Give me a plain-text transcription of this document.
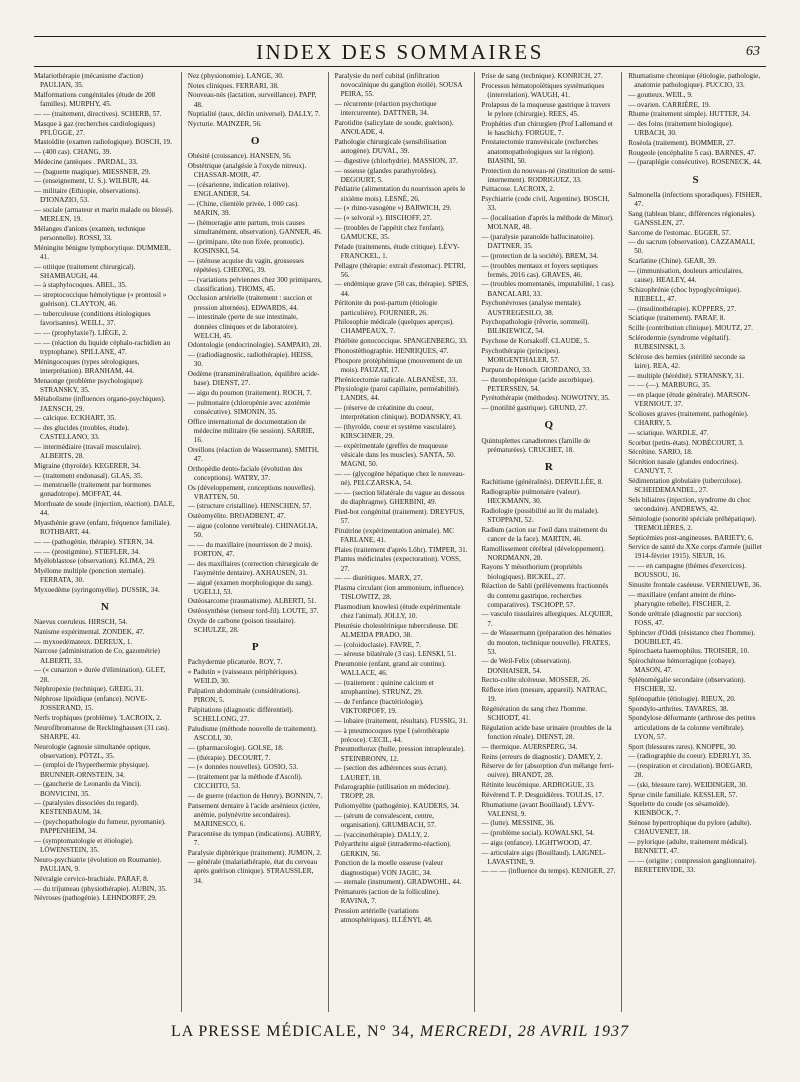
INDEX DES SOMMAIRES	63
Malariothérapie (mécanisme d'action) PAULIAN, 35.
Malformations congénitales (étude de 208 familles). MURPHY, 45.
— — (traitement, directives). SCHERB, 57.
Masque à gaz (recherches cardiologiques) PFLÜGGE, 27.
Mastoïdite (examen radiologique). BOSCH, 19.
— (400 cas). CHANG, 39.
Médecine (antèques . PARDAL, 33.
— (baguette magique). MIESSNER, 29.
— (enseignement, U. S.). WILBUR, 44.
— militaire (Ethiopie, observations). D'IONAZIO, 53.
— sociale (armateur et marin malade ou blessé). MERLEN, 19.
Mélanges d'anions (examen, technique personnelle). ROSSI, 33.
Méningite bénigne lymphocytique. DUMMER, 41.
— otitique (traitement chirurgical). SHAMBAUGH, 44.
— à staphylocoques. ABEL, 35.
— streptococcique hémolytique (« prontosil » guérison). CLAYTON, 46.
— tuberculeuse (conditions étiologiques favorisantes). WEILL, 37.
— — (prophylaxie?). LIÈGE, 2.
— — (réaction du liquide céphalo-rachidien au tryptophane). SPILLANE, 47.
Méningocoques (types sérologiques, interprétation). BRANHAM, 44.
Menaonge (problème psychologique). STRANSKY, 35.
Métabolisme (influences organo-psychiques). JAENSCH, 29.
— calcique. ECKHART, 35.
— des glucides (troubles, étude). CASTELLANO, 33.
— intermédiaire (travail musculaire). ALBERTS, 28.
Migraine (thyroïde). KEGERER, 34.
— (traitement endonasal). GLAS, 35.
— menstruelle (traitement par hormones gonadotrope). MOFFAT, 44.
Morrhuate de soude (injection, réaction). DALE, 44.
Myasthénie grave (enfant, fréquence familiale). ROTHBART, 44.
— — (pathogénie, thérapie). STERN, 34.
— — (prostigmine). STIEFLER, 34.
Myéloblastose (observation). KLIMA, 29.
Myélome multiple (ponction sternale). FERRATA, 30.
Myxoedème (syringomyélie). DUSSIK, 34.
N
Naevus coeruleus. HIRSCH, 54.
Nanisme expérimental. ZONDEK, 47.
— myxoedémateux. DEREUX, 1.
Narcose (administration de Co, gazométrie) ALBERTI, 33.
— (« cunarzon » durée d'élimination). GLET, 28.
Néphropexie (technique). GREIG, 31.
Néphrose lipoïdique (enfance). NOVE-JOSSERAND, 15.
Nerfs trophiques (problème). 'LACROIX, 2.
Neurofibromatose de Recklinghausen (31 cas). SHARPE, 43.
Neurologie (agnosie simultanée optique, observation). PÖTZL, 35.
— (emploi de l'hyperthermie physique). BRUNNER-ORNSTEIN, 34.
— (gaucherie de Leonardo da Vinci). BONVICINI, 35.
— (paralysies dissociées du regard). KESTENBAUM, 34.
— (psychopathologie du fumeur, pyromanie). PAPPENHEIM, 34.
— (symptomatologie et étiologie). LÖWENSTEIN, 35.
Neuro-psychiatrie (évolution en Roumanie). PAULIAN, 9.
Névralgie cervico-brachiale. PARAF, 8.
— du trijumeau (physiothérapie). AUBIN, 35.
Névroses (pathogénie). LEHNDORFF, 29.
Nez (physionomie). LANGE, 30.
Notes cliniques. FERRARI, 38.
Nouveau-nés (lactation, surveillance). PAPP, 48.
Nuptialité (taux, déclin universel). DALLY, 7.
Nycturie. MAINZER, 56.
O
Obésité (croissance). HANSEN, 56.
Obstétrique (analgésie à l'oxyde nitreux). CHASSAR-MOIR, 47.
— (césarienne, indication relative). ENGLANDER, 54.
— (Chine, clientèle privée, 1 000 cas). MARIN, 39.
— (hémorragie ante partum, trois causes simultanément, observation). GANNER, 46.
— (primipare, tête non fixée, pronostic). KOSINSKI, 54.
— (sténose acquise du vagin, grossesses répétées). CHEONG, 39.
— (variations pelviennes chez 300 primipares, classification). THOMS, 45.
Occlusion artérielle (traitement : succion et pression alternées). EDWARDS, 44.
— intestinale (perte de sue intestinale, données cliniques et de laboratoire). WELCH, 45.
Odontologie (endocrinologie). SAMPAIO, 28.
— (radiodiagnostic, radiothérapie). HEISS, 30.
Oedème (transminéralisation, équilibre acide-base). DIENST, 27.
— aigu du poumon (traitement). ROCH, 7.
— pulmonaire (chloropénie avec azotémie consécutive). SIMONIN, 35.
Office international de documentation de médecine militaire (6e session). SARRIE, 16.
Oreillons (réaction de Wassermann). SMITH, 47.
Orthopédie dento-faciale (évolution des conceptions). WATRY, 37.
Os (développement, conceptions nouvelles). VRATTEN, 50.
— (structure cristalline). HENSCHEN, 57.
Ostéomyélite. BROADBENT, 47.
— aigue (colonne vertébrale). CHINAGLIA, 50.
— — du maxillaire (nourrisson de 2 mois). FORTON, 47.
— des maxillaires (correction chirurgicale de l'asymétrie dentaire). AXHAUSEN, 31.
— aiguë (examen morphologique du sang). UGELLI, 53.
Ostéosarcome (traumatisme). ALBERTI, 51.
Ostéosynthèse (tenseur tord-fil). LOUTE, 37.
Oxyde de carbone (poison tissulaire). SCHULZE, 28.
P
Pachydermie plicaturée. ROY, 7.
« Padutin » (vaisseaux périphériques). WEILD, 30.
Palpation abdominale (considérations). PIRON, 5.
Palpitations (diagnostic différentiel). SCHELLONG, 27.
Paludisme (méthode nouvelle de traitement). ASCOLI, 30.
— (pharmacologie). GOLSE, 18.
— (thérapie). DECOURT, 7.
— (« données nouvelles). GOSIO, 53.
— (traitement par la méthode d'Ascoli). CICCHITO, 53.
— de guerre (réaction de Henry). BONNIN, 7.
Pansement dentaire à l'acide arsénieux (ictère, anémie, polynévrite secondaires). MARINESCO, 6.
Paracentèse du tympan (indications). AUBRY, 7.
Paralysie diphtérique (traitement). JUMON, 2.
— générale (malariathérapie, état du cerveau après guérison clinique). STRAUSSLER, 34.
Paralysie du nerf cubital (infiltration novocaïnique du ganglion étoilé). SOUSA PEIRA, 55.
— récurrente (réaction psychotique intercurrente). DATTNER, 34.
Parotidite (salicylate de soude, guérison). ANOLADE, 4.
Pathologie chirurgicale (sensibilisation autogène). DUVAL, 39.
— digestive (chlorhydrie). MASSION, 37.
— osseuse (glandes parathyroïdes). DEGOURT, 5.
Pédiatrie (alimentation du nourrisson après le sixième mois). LESNÉ, 26.
— (« rhino-vasogène ») BARWICH, 29.
— (« selvoral »). BISCHOFF, 27.
— (troubles de l'appétit chez l'enfant). GAMUCKE, 35.
Pelade (traitements, étude critique). LÉVY-FRANCKEL, 1.
Pellagre (thérapie: extrait d'estomac). PETRI, 56.
— endémique grave (50 cas, thérapie). SPIES, 44.
Péritonite du post-partum (étiologie particulière). FOURNIER, 26.
Philosophie médicale (quelques aperçus). CHAMPEAUX, 7.
Phlébite gonococcique. SPANGENBERG, 33.
Phonostéthographie. HENRIQUES, 47.
Phospore protéphémique (mouvement de un mois). PAUZAT, 17.
Phrénicectomie radicale. ALBANÈSE, 33.
Physiologie (paroi capillaire, perméabilité). LANDIS, 44.
— (réserve de créatinine du coeur, interprétation clinique). BODANSKY, 43.
— (thyroïde, coeur et système vasculaire). KIRSCHNER, 29.
— expérimentale (greffes de muqueuse vésicale dans les muscles). SANTA, 50. MAGNI, 50.
— — (glycogène hépatique chez le nouveau-né). PELCZARSKA, 54.
— — (section bilatérale du vague au dessous du diaphragme). GHERBINI, 49.
Pied-bot congénital (traitement). DREYFUS, 57.
Pituitrine (expérimentation animale). MC FARLANE, 41.
Plaies (traitement d'après Lőhr). TIMPER, 31.
Plantes médicinales (expectoration). VOSS, 27.
— — diurétiques. MARX, 27.
Plasma circulant (ion ammonium, influence). TISLOWITZ, 28.
Plasmodium knowlesi (étude expérimentale chez l'animal). JOLLY, 10.
Pleurésie cholestérinique tuberculeuse. DE ALMEIDA PRADO, 38.
— (coloidoclasie). FAVRE, 7.
— séreuse bilatérale (3 cas). LENSKI, 51.
Pneumonie (enfant, grand air continu). WALLACE, 46.
— (traitement : quinine calcium et strophantine). STRUNZ, 29.
— de l'enfance (bactériologie). VIKTORPOFF, 19.
— lobaire (traitement, résultats). FUSSIG, 31.
— à pneumocoques type I (sérothérapie précoce). CECIL, 44.
Pneumothorax (bulle, pression intrapleurale). STEINBRONN, 12.
— (section des adhérences sous écran). LAURET, 18.
Polarographie (utilisation en médecine). TROPP, 28.
Poliomyélite (pathogénie). KAUDERS, 34.
— (sérum de convalescent, centre, organisation). GRUMBACH, 57.
— (vaccinothérapie). DALLY, 2.
Polyarthrite aiguë (intradermo-réaction). GERKIN, 56.
Ponction de la moelle osseuse (valeur diagnostique) VON JAGIC, 34.
— sternale (instrument). GRADWOHL, 44.
Prématurés (action de la folliculine). RAVINA, 7.
Pression artérielle (variations atmosphériques). ILLÉNYI, 48.
Prise de sang (technique). KONRICH, 27.
Processus hématopoïétiques systématiques (interrelation). WAUGH, 41.
Prolapsus de la muqueuse gastrique à travers le pylore (chirurgie). REES, 45.
Prophéties d'un chirurgien (Prof Lallemand et le haschich). FORGUE, 7.
Prostatectomie transvésicale (recherches anatomopathologiques sur la région). BIASINI, 50.
Protection du nouveau-né (institution de semi-internement). RODRIGUEZ, 33.
Psittacose. LACROIX, 2.
Psychiatrie (code civil, Argentine). BOSCH, 33.
— (localisation d'après la méthode de Minor). MOLNAR, 48.
— (paralysie paranoïde hallucinatoire). DATTNER, 35.
— (protection de la société). BREM, 34.
— (troubles mentaux et foyers septiques fermés, 2016 cas). GRAVES, 46.
— (troubles momentanés, imputabilité, 1 cas). BANCALARI, 33.
Psychonévroses (analyse mentale). AUSTREGESILO, 38.
Psychopathologie (rêverie, sommeil). BILIKIEWICZ, 54.
Psychose de Korsakoff. CLAUDE, 5.
Psychothérapie (principes). MORGENTHALER, 57.
Purpura de Henoch. GIORDANO, 33.
— thrombopénique (acide ascorbique). PETERSSEN, 54.
Pyrétothérapie (méthodes). NOWOTNY, 35.
— (motilité gastrique). GRUND, 27.
Q
Quintuplettes canadiennes (famille de prématurées). CRUCHET, 18.
R
Rachitisme (généralités). DERVILLÉE, 8.
Radiographie pulmonaire (valeur). HECKMANN, 30.
Radiologie (possibilité au lit du malade). STOPPANI, 52.
Radium (action sur l'oeil dans traitement du cancer de la face). MARTIN, 46.
Ramollissement cérébral (développement). NORDMANN, 28.
Rayons Y mésothorium (propriétés biologiques). BICKEL, 27.
Réaction de Sahli (prélèvements fractionnés du contenu gastrique, recherches comparatives). TSCHOPP, 57.
— vasculo tissulaires allergiques. ALQUIER, 7.
— de Wassermann (préparation des hématies du mouton, technique nouvelle). FRATES, 53.
— de Weil-Felix (observation). DONHAISER, 54.
Recto-colite ulcéreuse. MOSSER, 26.
Réflexe irien (mesure, appareil). NATRAC, 19.
Régénération du sang chez l'homme. SCHIODT, 41.
Régulation acide base urinaire (troubles de la fonction rénale). DIENST, 28.
— thermique. AUERSPERG, 34.
Reins (erreurs de diagnostic). DAMEY, 2.
Réserve de fer (absorption d'un mélange ferri-ouivre). BRANDT, 28.
Rétinite leucémique. ARDROGUE, 33.
Révérend T. P. Desguidières. TOULIS, 17.
Rhumatisme (avant Bouillaud). LÉVY-VALENSI, 9.
— (lutte). MESSINE, 36.
— (problème social). KOWALSKI, 54.
— aigu (enfance). LIGHTWOOD, 47.
— articulaire aigu (Bouillaud). LAIGNEL-LAVASTINE, 9.
— — — (influence du temps). KENIGER, 27.
Rhumatisme chronique (étiologie, pathologie, anatomie pathologique). PUCCIO, 33.
— goutteux. WEIL, 9.
— ovarien. CARRIÈRE, 19.
Rhume (traitement simple). HUTTER, 34.
— des foins (traitement biologique). URBACH, 30.
Roséola (traitement). BOMMER, 27.
Rougeole (encéphalite 5 cas). BARNES, 47.
— (paraplégie consécutive). ROSENECK, 44.
S
Salmonella (infections sporadiques). FISHER, 47.
Sang (tableau blanc, différences régionales). GANSSLEN, 27.
Sarcome de l'estomac. EGGER, 57.
— du sacrum (observation). CAZZAMALI, 50.
Scarlatine (Chine). GEAR, 39.
— (immunisation, douleurs articulaires, cause). HEALEY, 44.
Schizophrénie (choc hypoglycémique). RIEBELL, 47.
— (insulinothérapie). KÜPPERS, 27.
Sciatique (traitement). PARAF, 8.
Scille (contribution clinique). MOUTZ, 27.
Sclérodermie (syndrome végétatif). RUBESINSKI, 3.
Sclérose des hernies (stérilité seconde sa laire). REA, 42.
— multiple (hérédité). STRANSKY, 31.
— — (—). MARBURG, 35.
— en plaque (étude générale). MARSON-VERNIOUT, 37.
Scolioses graves (traitement, pathogénie). CHARRY, 5.
— sciatique. WARDLE, 47.
Scorbut (petits-états). NOBÉCOURT, 3.
Sécrétine. SARIO, 18.
Sécrétion nasale (glandes endocrines). CANUYT, 7.
Sédimentation globulaire (tuberculose). SCHEIDEMANDEL, 27.
Sels biliaires (injection, syndrome du choc secondaire). ANDREWS, 42.
Sémiologie (sonorité spéciale préhépatique). TREMOLIÈRES, 2.
Septicémies post-angineuses. BARIETY, 6.
Service de santé du XXe corps d'armée (juillet 1914-février 1915). SIEUR, 16.
— — en campagne (thèmes d'exercices). BOUSSOU, 16.
Sinusite frontale caséeuse. VERNIEUWE, 36.
— maxillaire (enfant atteint de rhino-pharyngite rebelle). FISCHER, 2.
Sonde urétrale (diagnostic par succion). FOSS, 47.
Sphincter d'Oddi (résistance chez l'homme). DOUBILET, 45.
Spirochaeta haemophilus. TROISIER, 10.
Spirochétose hémorragique (cobaye). MASON, 47.
Splénomégalie secondaire (observation). FISCHER, 32.
Splénopathie (étiologie). RIEUX, 20.
Spondylo-arthrites. TAVARES, 38.
Spondylose déformante (arthrose des petites articulations de la colonne vertébrale). LYON, 57.
Sport (blessures rares). KNOPPE, 30.
— (radiographie du coeur). EDERLYI, 35.
— (respiration et circulation). BOEGARD, 28.
— (ski, blessure rare). WEIDINGER, 30.
Sprue cinile familiale. KESSLER, 57.
Squelette du coude (os sésamoïde). KIENBÖCK, 7.
Sténose hypertrophique du pylore (adulte). CHAUVENET, 18.
— pylorique (adulte, traitement médical). BENNETT, 47.
— — (origine ; compression ganglionnaire). BERETERVIDE, 33.
LA PRESSE MÉDICALE, N° 34, MERCREDI, 28 AVRIL 1937
